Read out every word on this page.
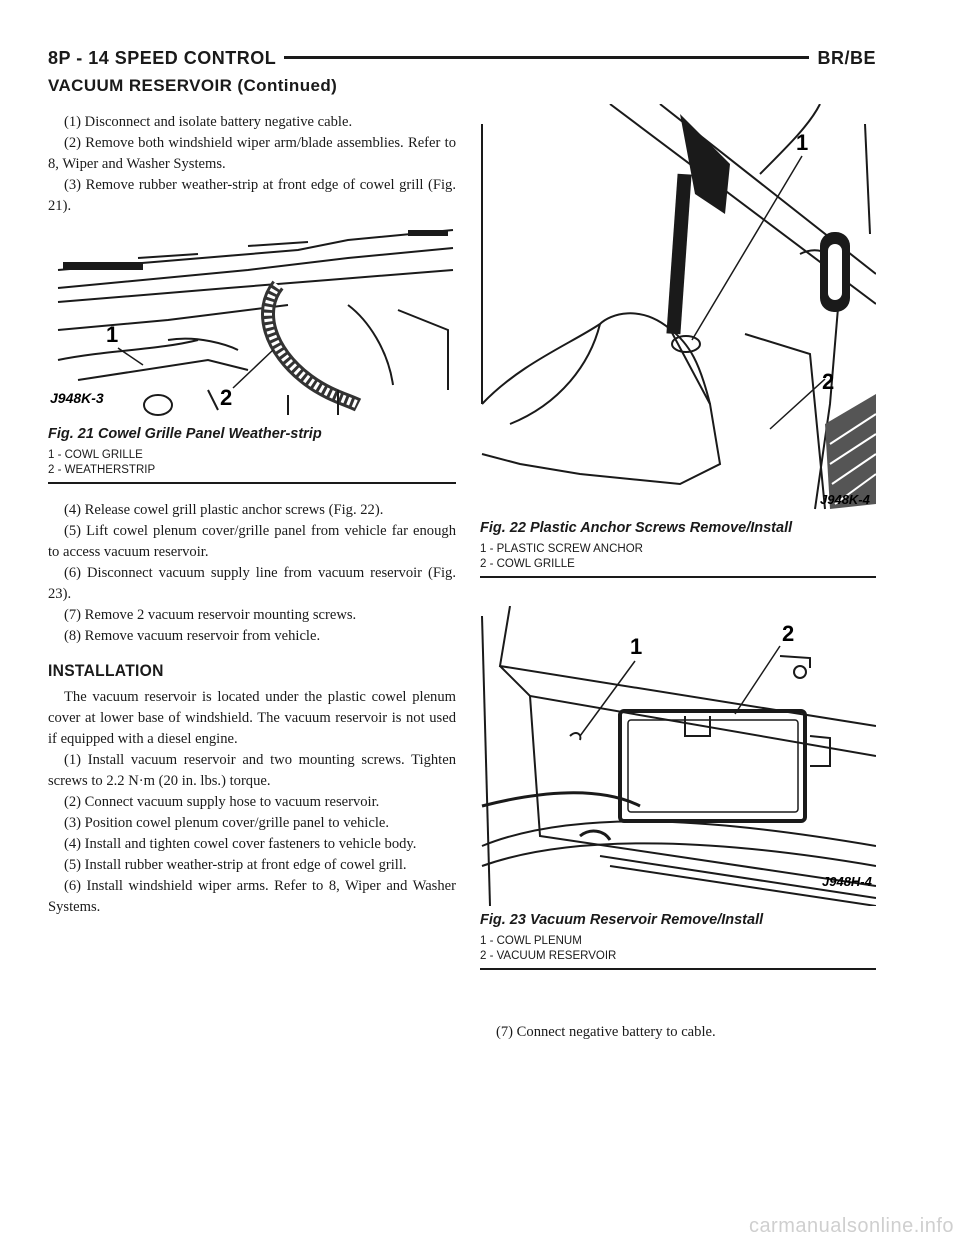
8P - 14 SPEED CONTROL	BR/BE
VACUUM RESERVOIR (Continued)

(1) Disconnect and isolate battery negative cable.

(2) Remove both windshield wiper arm/blade assemblies. Refer to 8, Wiper and Washer Systems.

(3) Remove rubber weather-strip at front edge of cowel grill (Fig. 21).

1
2
J948K-3
Fig. 21 Cowel Grille Panel Weather-strip

1 - COWL GRILLE

2 - WEATHERSTRIP

(4) Release cowel grill plastic anchor screws (Fig. 22).

(5) Lift cowel plenum cover/grille panel from vehicle far enough to access vacuum reservoir.

(6) Disconnect vacuum supply line from vacuum reservoir (Fig. 23).

(7) Remove 2 vacuum reservoir mounting screws.

(8) Remove vacuum reservoir from vehicle.

INSTALLATION

The vacuum reservoir is located under the plastic cowel plenum cover at lower base of windshield. The vacuum reservoir is not used if equipped with a diesel engine.

(1) Install vacuum reservoir and two mounting screws. Tighten screws to 2.2 N·m (20 in. lbs.) torque.

(2) Connect vacuum supply hose to vacuum reservoir.

(3) Position cowel plenum cover/grille panel to vehicle.

(4) Install and tighten cowel cover fasteners to vehicle body.

(5) Install rubber weather-strip at front edge of cowel grill.

(6) Install windshield wiper arms. Refer to 8, Wiper and Washer Systems.

1
2
J948K-4
Fig. 22 Plastic Anchor Screws Remove/Install

1 - PLASTIC SCREW ANCHOR

2 - COWL GRILLE

1
2
J948H-4
Fig. 23 Vacuum Reservoir Remove/Install

1 - COWL PLENUM

2 - VACUUM RESERVOIR

(7) Connect negative battery to cable.

carmanualsonline.info
